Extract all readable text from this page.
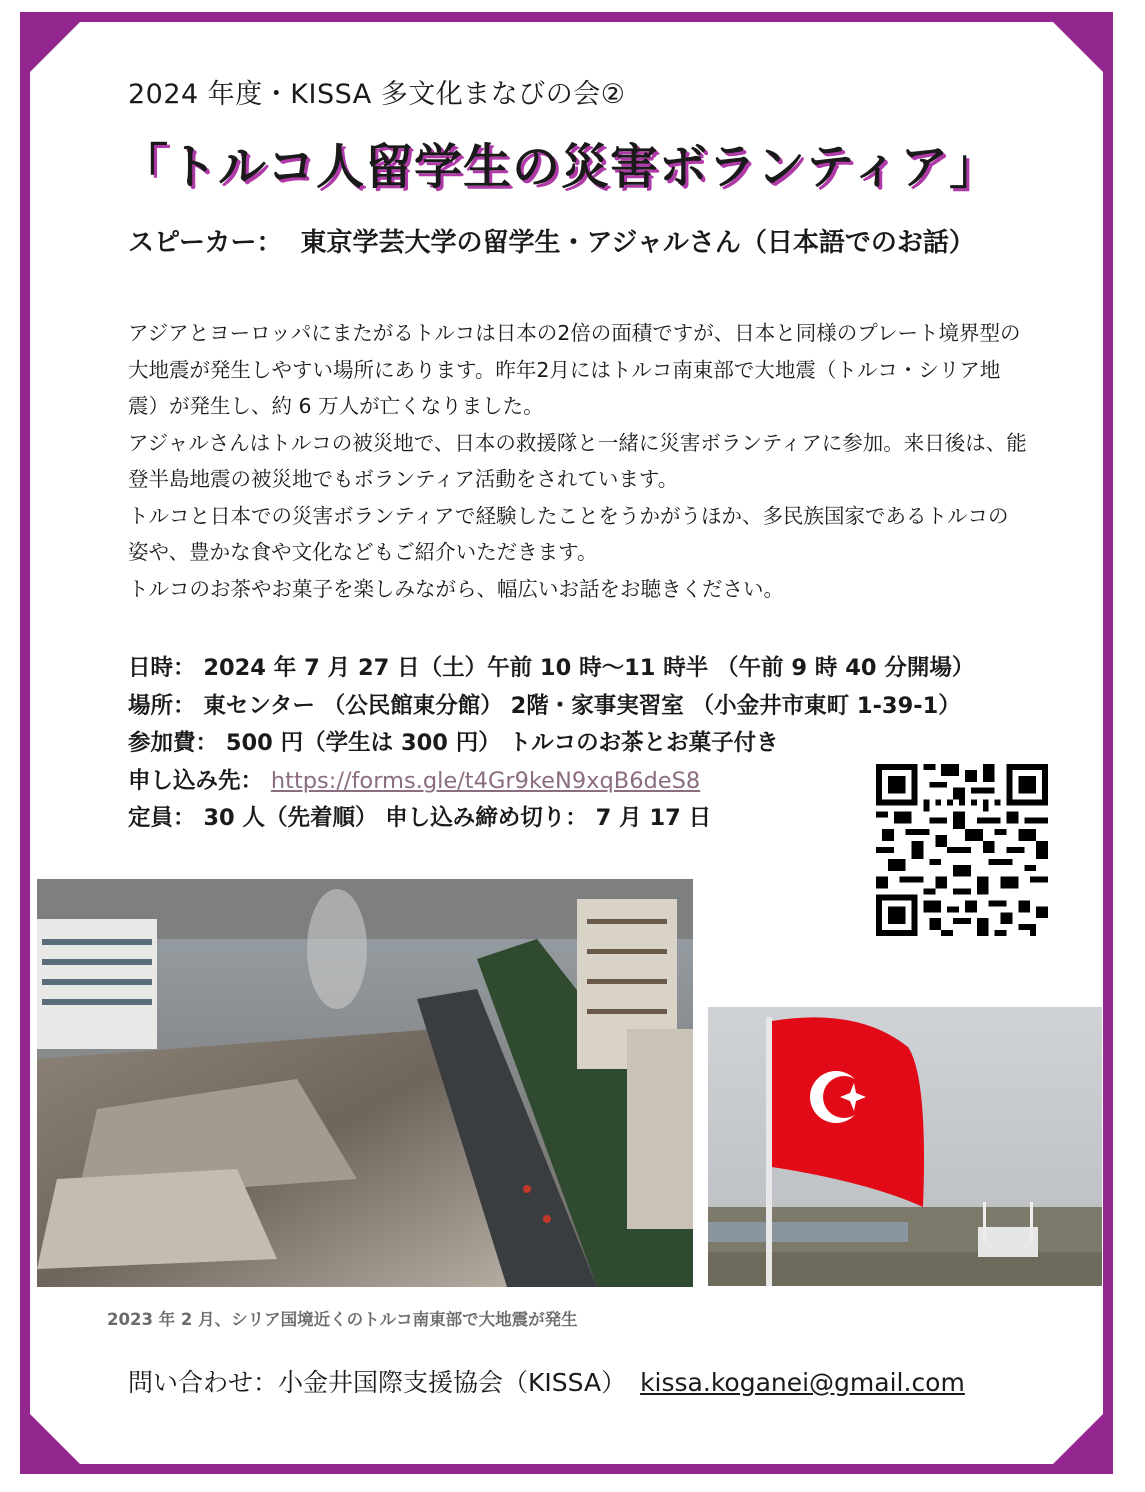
2024 年度・KISSA 多文化まなびの会②
「トルコ人留学生の災害ボランティア」
スピーカー： 東京学芸大学の留学生・アジャルさん（日本語でのお話）

アジアとヨーロッパにまたがるトルコは日本の2倍の面積ですが、日本と同様のプレート境界型の大地震が発生しやすい場所にあります。昨年2月にはトルコ南東部で大地震（トルコ・シリア地震）が発生し、約 6 万人が亡くなりました。

アジャルさんはトルコの被災地で、日本の救援隊と一緒に災害ボランティアに参加。来日後は、能登半島地震の被災地でもボランティア活動をされています。

トルコと日本での災害ボランティアで経験したことをうかがうほか、多民族国家であるトルコの姿や、豊かな食や文化などもご紹介いただきます。

トルコのお茶やお菓子を楽しみながら、幅広いお話をお聴きください。

日時： 2024 年 7 月 27 日（土）午前 10 時～11 時半 （午前 9 時 40 分開場）
場所： 東センター （公民館東分館） 2階・家事実習室 （小金井市東町 1-39-1）
参加費： 500 円（学生は 300 円） トルコのお茶とお菓子付き
申し込み先： https://forms.gle/t4Gr9keN9xqB6deS8
定員： 30 人（先着順） 申し込み締め切り： 7 月 17 日
2023 年 2 月、シリア国境近くのトルコ南東部で大地震が発生
問い合わせ：小金井国際支援協会（KISSA） kissa.koganei@gmail.com
